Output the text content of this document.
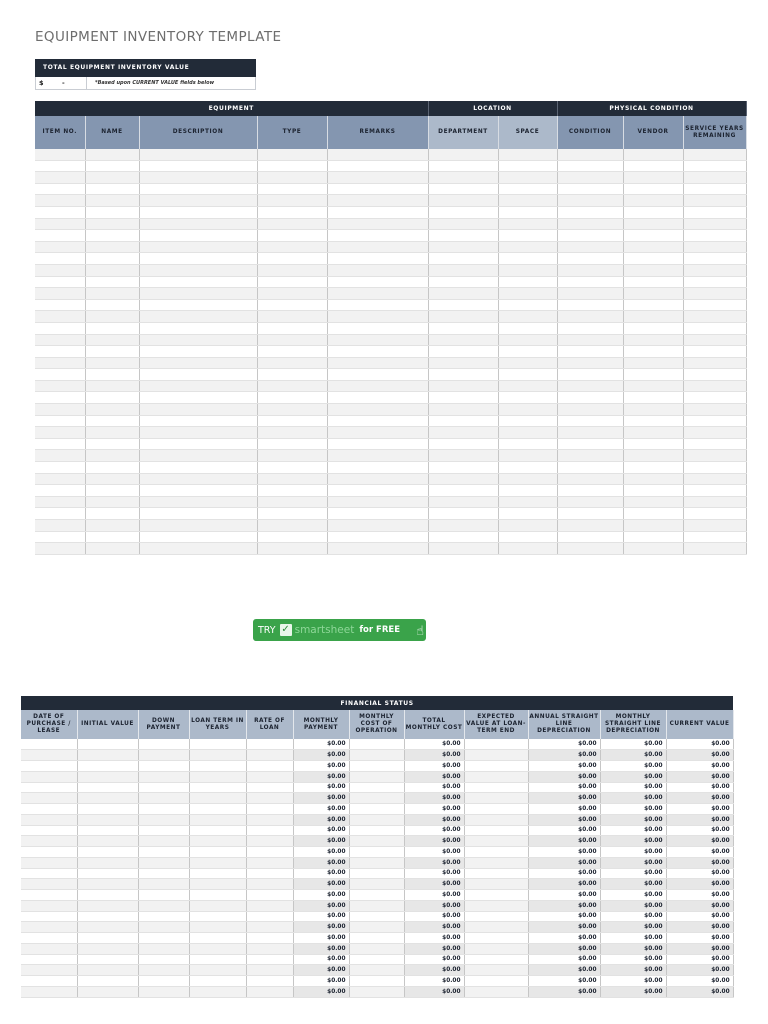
EQUIPMENT INVENTORY TEMPLATE
TOTAL EQUIPMENT INVENTORY VALUE
$	-	*Based upon CURRENT VALUE fields below
EQUIPMENT					LOCATION		PHYSICAL CONDITION		
ITEM NO.	NAME	DESCRIPTION	TYPE	REMARKS	DEPARTMENT	SPACE	CONDITION	VENDOR	SERVICE YEARS REMAINING

TRY ✓ smartsheet for FREE ☝
FINANCIAL STATUS											
DATE OF PURCHASE / LEASE	INITIAL VALUE	DOWN PAYMENT	LOAN TERM IN YEARS	RATE OF LOAN	MONTHLY PAYMENT	MONTHLY COST OF OPERATION	TOTAL MONTHLY COST	EXPECTED VALUE AT LOAN-TERM END	ANNUAL STRAIGHT LINE DEPRECIATION	MONTHLY STRAIGHT LINE DEPRECIATION	CURRENT VALUE
					$0.00		$0.00		$0.00	$0.00	$0.00
					$0.00		$0.00		$0.00	$0.00	$0.00
					$0.00		$0.00		$0.00	$0.00	$0.00
					$0.00		$0.00		$0.00	$0.00	$0.00
					$0.00		$0.00		$0.00	$0.00	$0.00
					$0.00		$0.00		$0.00	$0.00	$0.00
					$0.00		$0.00		$0.00	$0.00	$0.00
					$0.00		$0.00		$0.00	$0.00	$0.00
					$0.00		$0.00		$0.00	$0.00	$0.00
					$0.00		$0.00		$0.00	$0.00	$0.00
					$0.00		$0.00		$0.00	$0.00	$0.00
					$0.00		$0.00		$0.00	$0.00	$0.00
					$0.00		$0.00		$0.00	$0.00	$0.00
					$0.00		$0.00		$0.00	$0.00	$0.00
					$0.00		$0.00		$0.00	$0.00	$0.00
					$0.00		$0.00		$0.00	$0.00	$0.00
					$0.00		$0.00		$0.00	$0.00	$0.00
					$0.00		$0.00		$0.00	$0.00	$0.00
					$0.00		$0.00		$0.00	$0.00	$0.00
					$0.00		$0.00		$0.00	$0.00	$0.00
					$0.00		$0.00		$0.00	$0.00	$0.00
					$0.00		$0.00		$0.00	$0.00	$0.00
					$0.00		$0.00		$0.00	$0.00	$0.00
					$0.00		$0.00		$0.00	$0.00	$0.00
